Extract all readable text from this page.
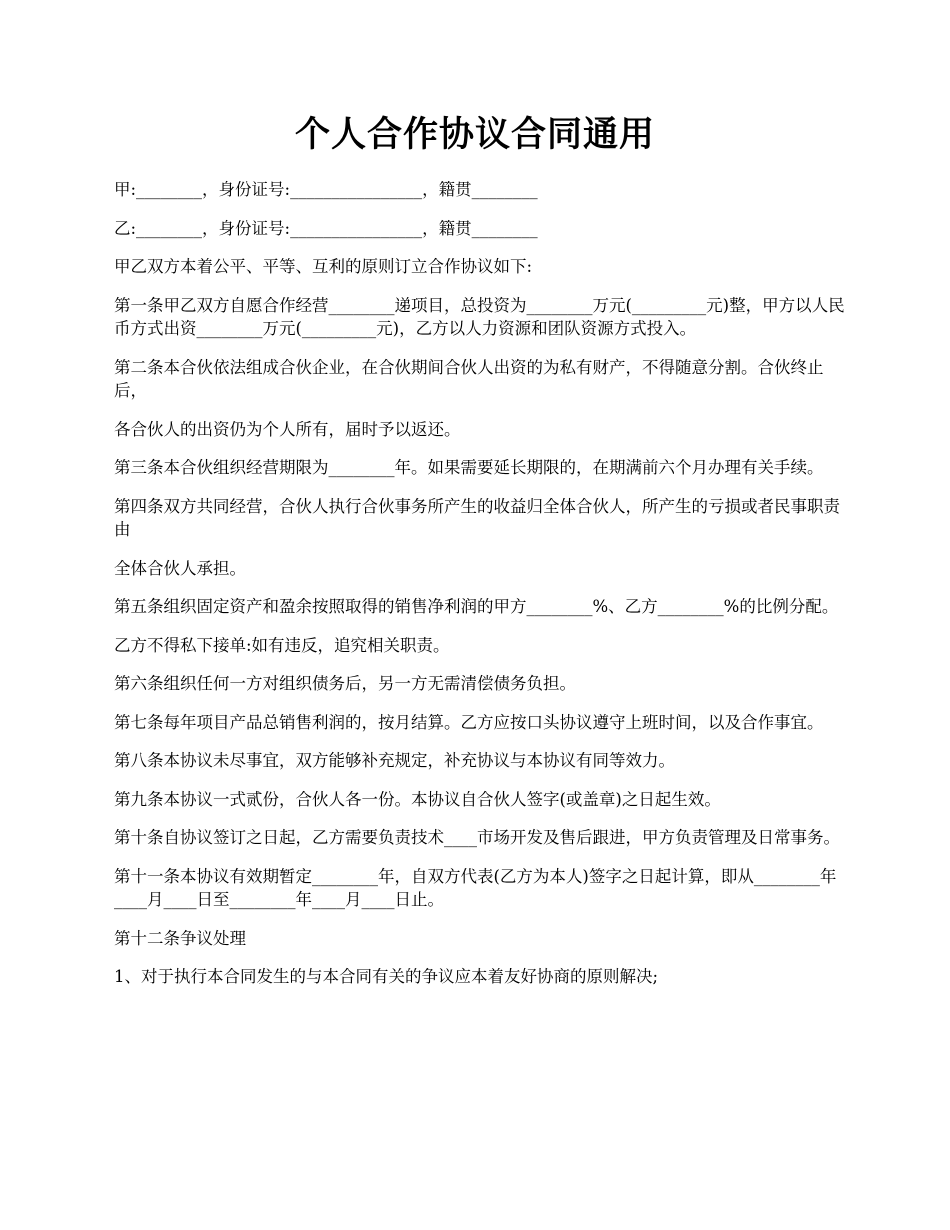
个人合作协议合同通用

甲:________，身份证号:________________，籍贯________

乙:________，身份证号:________________，籍贯________

甲乙双方本着公平、平等、互利的原则订立合作协议如下:

第一条甲乙双方自愿合作经营________递项目，总投资为________万元(_________元)整，甲方以人民币方式出资________万元(_________元)，乙方以人力资源和团队资源方式投入。

第二条本合伙依法组成合伙企业，在合伙期间合伙人出资的为私有财产，不得随意分割。合伙终止后，

各合伙人的出资仍为个人所有，届时予以返还。

第三条本合伙组织经营期限为________年。如果需要延长期限的，在期满前六个月办理有关手续。

第四条双方共同经营，合伙人执行合伙事务所产生的收益归全体合伙人，所产生的亏损或者民事职责由

全体合伙人承担。

第五条组织固定资产和盈余按照取得的销售净利润的甲方________%、乙方________%的比例分配。

乙方不得私下接单:如有违反，追究相关职责。

第六条组织任何一方对组织债务后，另一方无需清偿债务负担。

第七条每年项目产品总销售利润的，按月结算。乙方应按口头协议遵守上班时间，以及合作事宜。

第八条本协议未尽事宜，双方能够补充规定，补充协议与本协议有同等效力。

第九条本协议一式贰份，合伙人各一份。本协议自合伙人签字(或盖章)之日起生效。

第十条自协议签订之日起，乙方需要负责技术____市场开发及售后跟进，甲方负责管理及日常事务。

第十一条本协议有效期暂定________年，自双方代表(乙方为本人)签字之日起计算，即从________年____月____日至________年____月____日止。

第十二条争议处理

1、对于执行本合同发生的与本合同有关的争议应本着友好协商的原则解决;
